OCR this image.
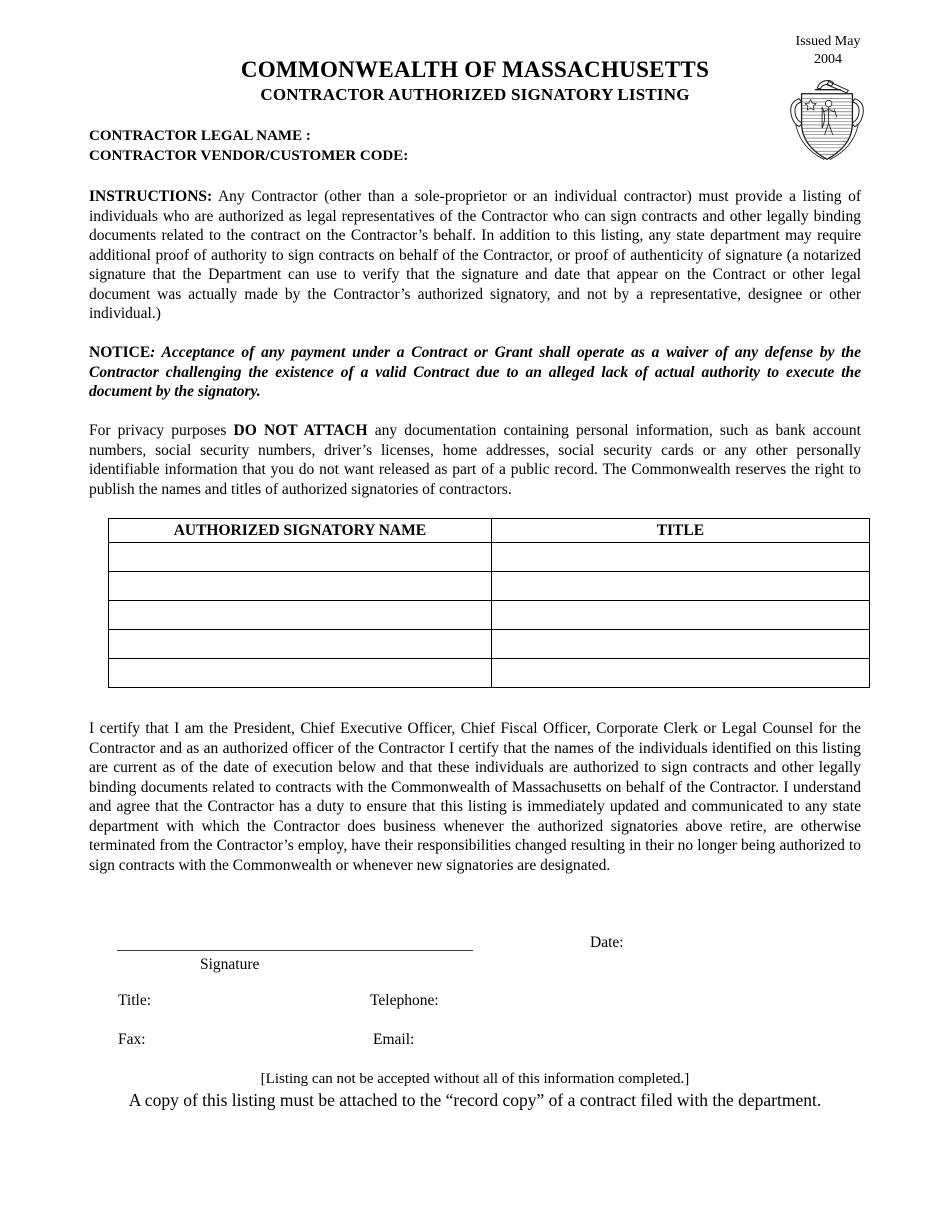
Issued May
2004
COMMONWEALTH OF MASSACHUSETTS
CONTRACTOR AUTHORIZED SIGNATORY LISTING
CONTRACTOR LEGAL NAME :
CONTRACTOR VENDOR/CUSTOMER CODE:

INSTRUCTIONS: Any Contractor (other than a sole-proprietor or an individual contractor) must provide a listing of individuals who are authorized as legal representatives of the Contractor who can sign contracts and other legally binding documents related to the contract on the Contractor’s behalf. In addition to this listing, any state department may require additional proof of authority to sign contracts on behalf of the Contractor, or proof of authenticity of signature (a notarized signature that the Department can use to verify that the signature and date that appear on the Contract or other legal document was actually made by the Contractor’s authorized signatory, and not by a representative, designee or other individual.)

NOTICE: Acceptance of any payment under a Contract or Grant shall operate as a waiver of any defense by the Contractor challenging the existence of a valid Contract due to an alleged lack of actual authority to execute the document by the signatory.

For privacy purposes DO NOT ATTACH any documentation containing personal information, such as bank account numbers, social security numbers, driver’s licenses, home addresses, social security cards or any other personally identifiable information that you do not want released as part of a public record. The Commonwealth reserves the right to publish the names and titles of authorized signatories of contractors.

AUTHORIZED SIGNATORY NAME	TITLE

I certify that I am the President, Chief Executive Officer, Chief Fiscal Officer, Corporate Clerk or Legal Counsel for the Contractor and as an authorized officer of the Contractor I certify that the names of the individuals identified on this listing are current as of the date of execution below and that these individuals are authorized to sign contracts and other legally binding documents related to contracts with the Commonwealth of Massachusetts on behalf of the Contractor. I understand and agree that the Contractor has a duty to ensure that this listing is immediately updated and communicated to any state department with which the Contractor does business whenever the authorized signatories above retire, are otherwise terminated from the Contractor’s employ, have their responsibilities changed resulting in their no longer being authorized to sign contracts with the Commonwealth or whenever new signatories are designated.

Date:
Signature
Title:	Telephone:
Fax:	Email:
[Listing can not be accepted without all of this information completed.]
A copy of this listing must be attached to the “record copy” of a contract filed with the department.
